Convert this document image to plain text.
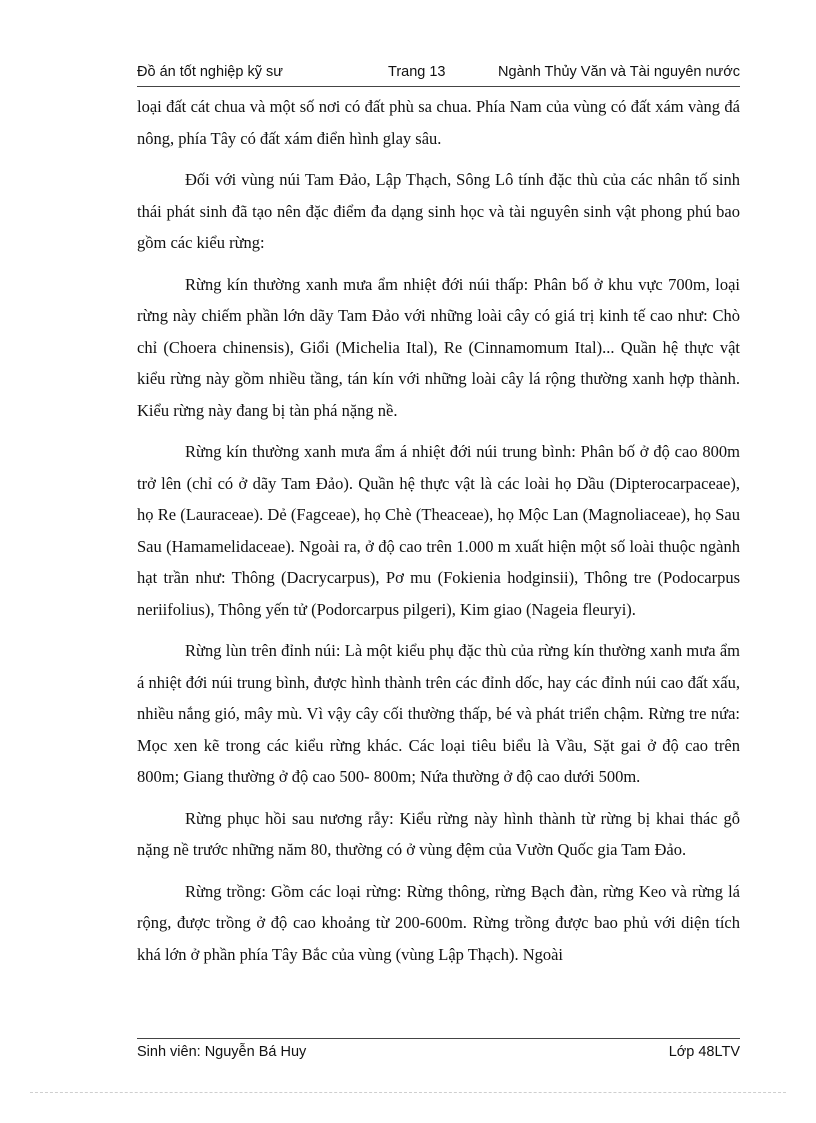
Đồ án tốt nghiệp kỹ sư	Trang 13	Ngành Thủy Văn và Tài nguyên nước

loại đất cát chua và một số nơi có đất phù sa chua. Phía Nam của vùng có đất xám vàng đá nông, phía Tây có đất xám điển hình glay sâu.

Đối với vùng núi Tam Đảo, Lập Thạch, Sông Lô tính đặc thù của các nhân tố sinh thái phát sinh đã tạo nên đặc điểm đa dạng sinh học và tài nguyên sinh vật phong phú bao gồm các kiểu rừng:

Rừng kín thường xanh mưa ẩm nhiệt đới núi thấp: Phân bố ở khu vực 700m, loại rừng này chiếm phần lớn dãy Tam Đảo với những loài cây có giá trị kinh tế cao như: Chò chỉ (Choera chinensis), Giổi (Michelia Ital), Re (Cinnamomum Ital)... Quần hệ thực vật kiểu rừng này gồm nhiều tầng, tán kín với những loài cây lá rộng thường xanh hợp thành. Kiểu rừng này đang bị tàn phá nặng nề.

Rừng kín thường xanh mưa ẩm á nhiệt đới núi trung bình: Phân bố ở độ cao 800m trở lên (chỉ có ở dãy Tam Đảo). Quần hệ thực vật là các loài họ Dầu (Dipterocarpaceae), họ Re (Lauraceae). Dẻ (Fagceae), họ Chè (Theaceae), họ Mộc Lan (Magnoliaceae), họ Sau Sau (Hamamelidaceae). Ngoài ra, ở độ cao trên 1.000 m xuất hiện một số loài thuộc ngành hạt trần như: Thông (Dacrycarpus), Pơ mu (Fokienia hodginsii), Thông tre (Podocarpus neriifolius), Thông yến tử (Podorcarpus pilgeri), Kim giao (Nageia fleuryi).

Rừng lùn trên đỉnh núi: Là một kiểu phụ đặc thù của rừng kín thường xanh mưa ẩm á nhiệt đới núi trung bình, được hình thành trên các đỉnh dốc, hay các đỉnh núi cao đất xấu, nhiều nắng gió, mây mù. Vì vậy cây cối thường thấp, bé và phát triển chậm. Rừng tre nứa: Mọc xen kẽ trong các kiểu rừng khác. Các loại tiêu biểu là Vầu, Sặt gai ở độ cao trên 800m; Giang thường ở độ cao 500- 800m; Nứa thường ở độ cao dưới 500m.

Rừng phục hồi sau nương rẫy: Kiểu rừng này hình thành từ rừng bị khai thác gỗ nặng nề trước những năm 80, thường có ở vùng đệm của Vườn Quốc gia Tam Đảo.

Rừng trồng: Gồm các loại rừng: Rừng thông, rừng Bạch đàn, rừng Keo và rừng lá rộng, được trồng ở độ cao khoảng từ 200-600m. Rừng trồng được bao phủ với diện tích khá lớn ở phần phía Tây Bắc của vùng (vùng Lập Thạch). Ngoài

Sinh viên: Nguyễn Bá Huy	Lớp 48LTV
